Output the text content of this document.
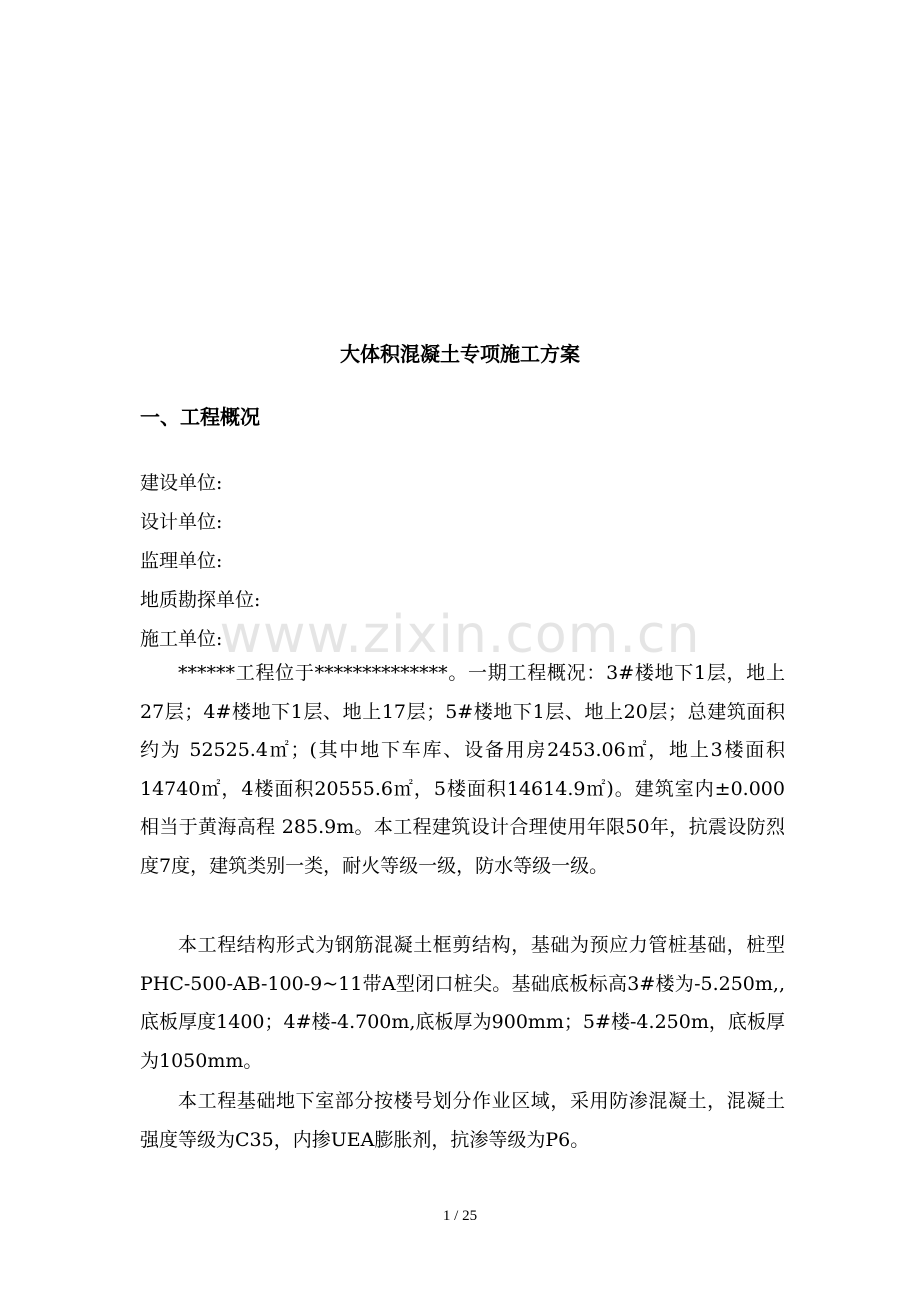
大体积混凝土专项施工方案
一、工程概况
建设单位:
设计单位:
监理单位:
地质勘探单位:
施工单位:

******工程位于**************。一期工程概况：3#楼地下1层，地上27层；4#楼地下1层、地上17层；5#楼地下1层、地上20层；总建筑面积约为 52525.4㎡；(其中地下车库、设备用房2453.06㎡，地上3楼面积14740㎡，4楼面积20555.6㎡，5楼面积14614.9㎡)。建筑室内±0.000 相当于黄海高程 285.9m。本工程建筑设计合理使用年限50年，抗震设防烈度7度，建筑类别一类，耐火等级一级，防水等级一级。

本工程结构形式为钢筋混凝土框剪结构，基础为预应力管桩基础，桩型PHC-500-AB-100-9~11带A型闭口桩尖。基础底板标高3#楼为-5.250m,,底板厚度1400；4#楼-4.700m,底板厚为900mm；5#楼-4.250m，底板厚为1050mm。

本工程基础地下室部分按楼号划分作业区域，采用防渗混凝土，混凝土强度等级为C35，内掺UEA膨胀剂，抗渗等级为P6。

www.zixin.com.cn
1 / 25
